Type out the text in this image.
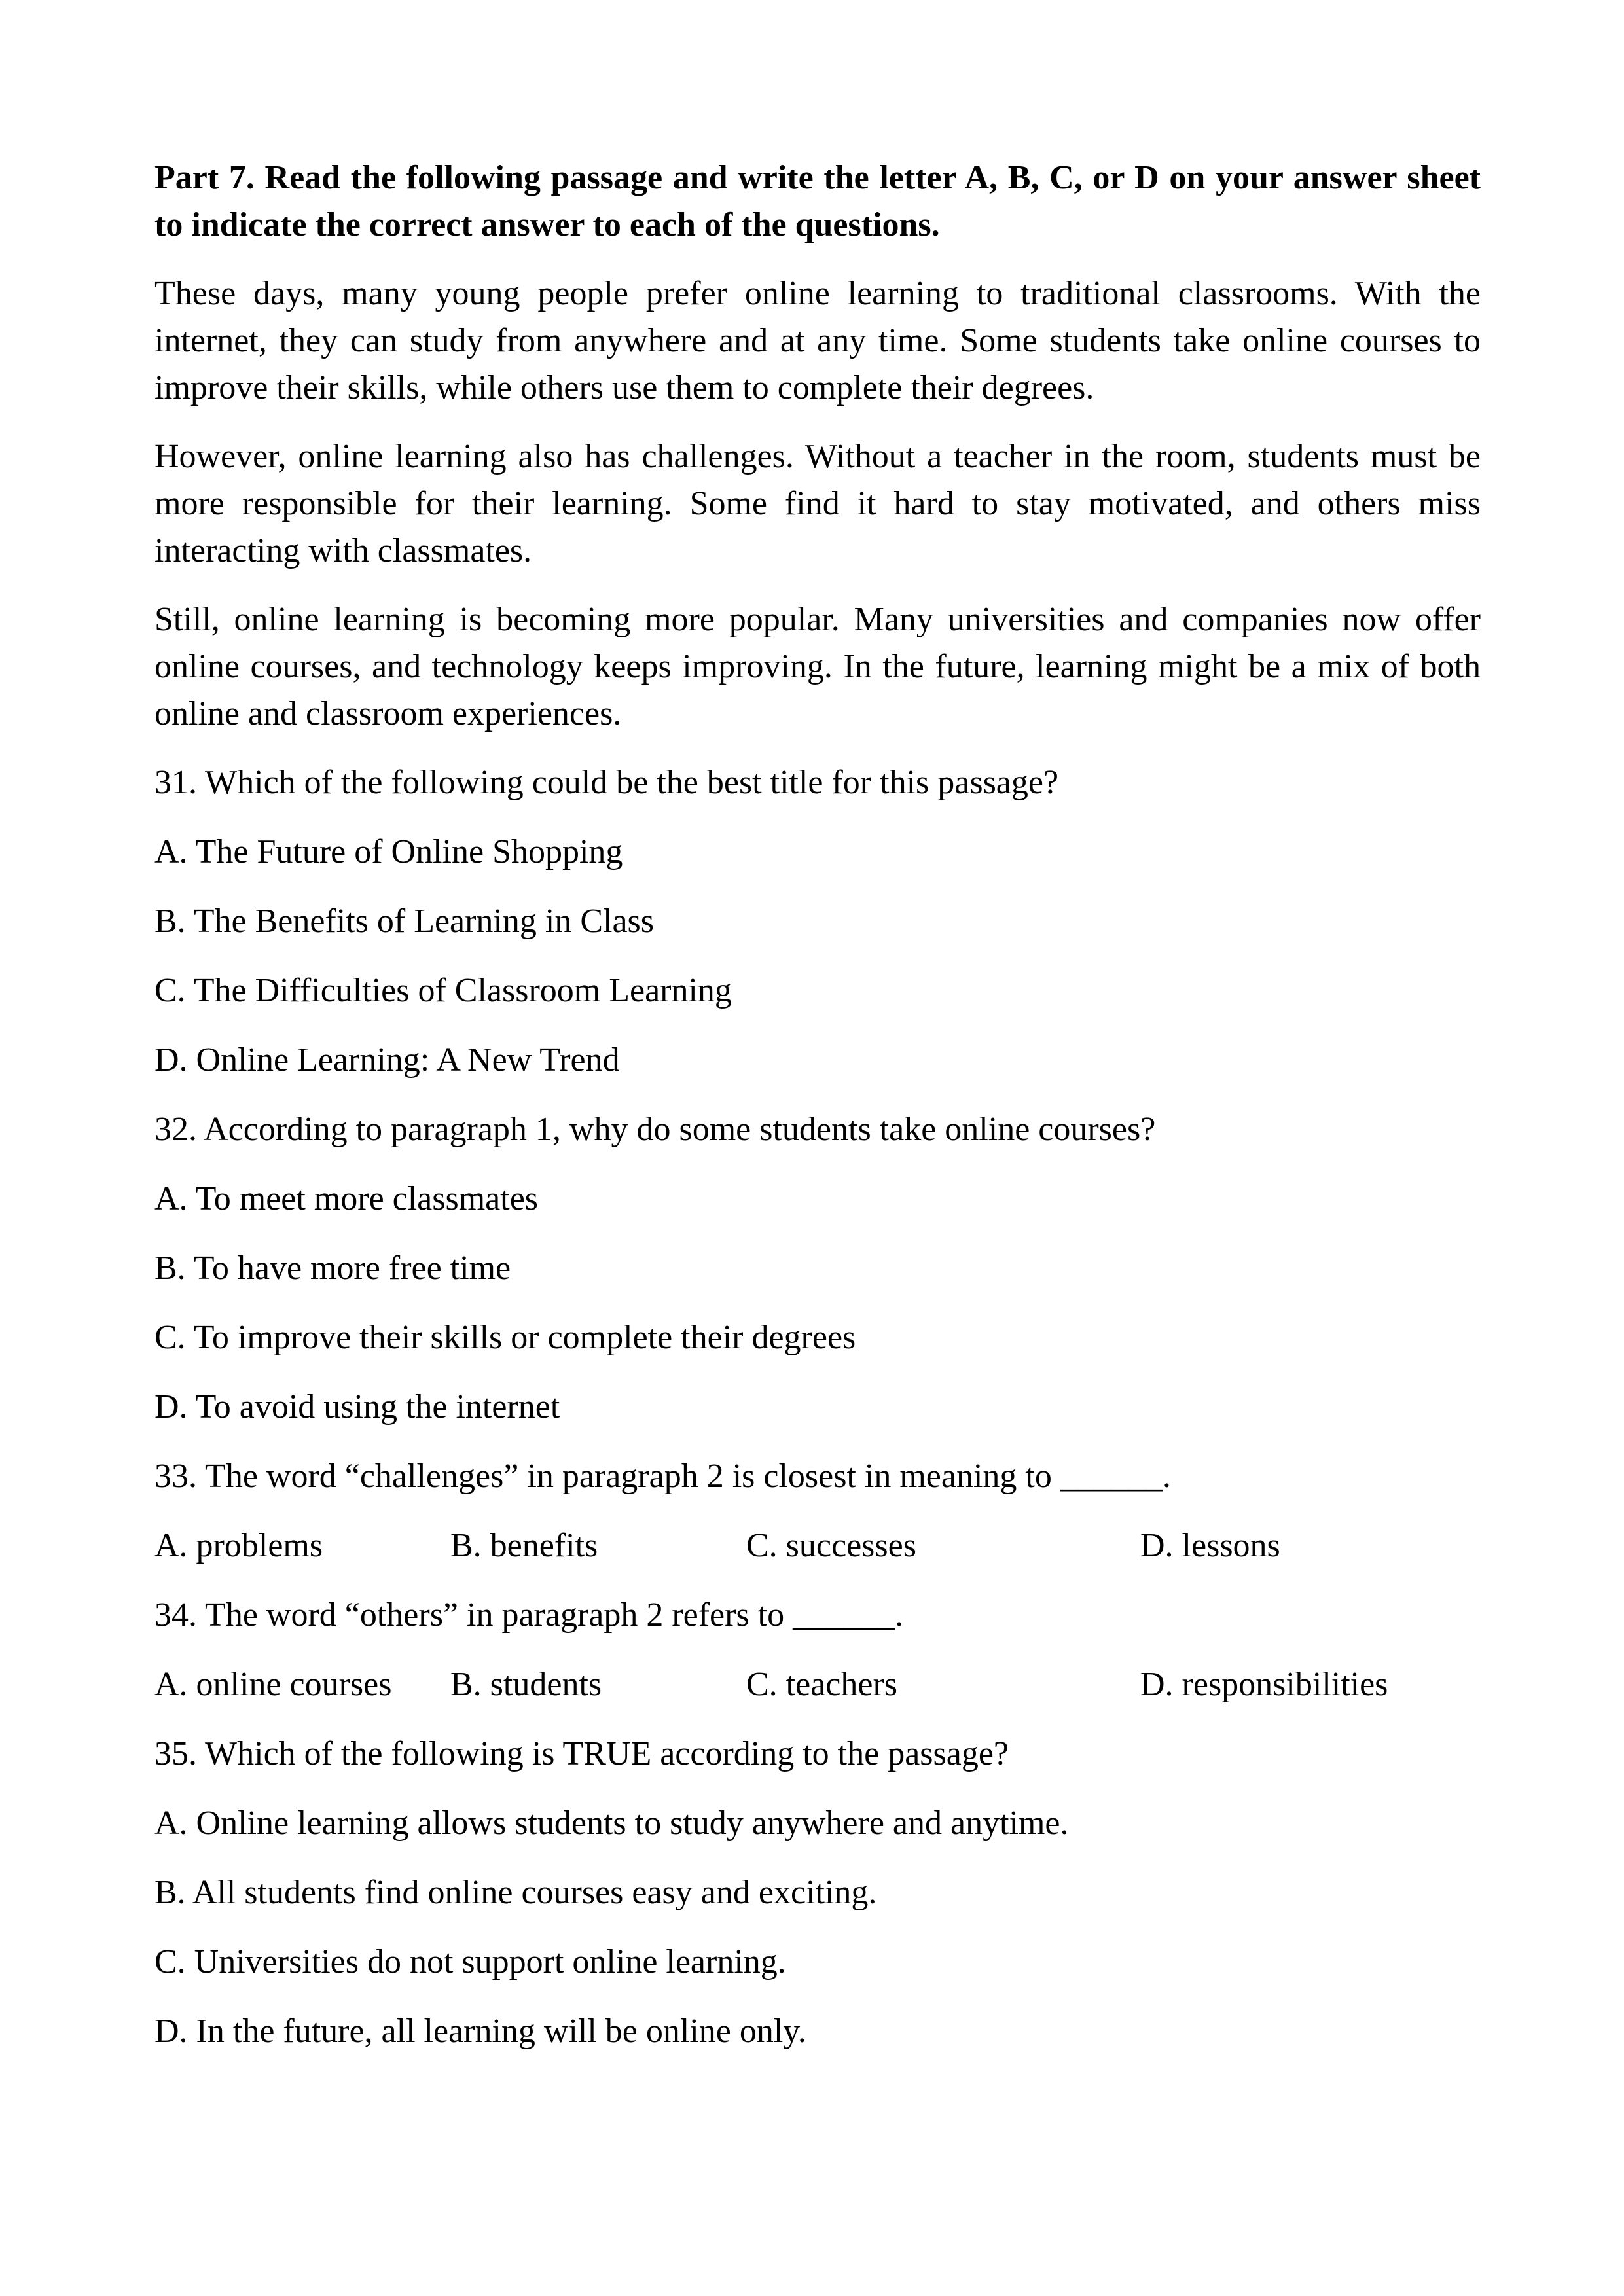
Part 7. Read the following passage and write the letter A, B, C, or D on your answer sheet to indicate the correct answer to each of the questions.

These days, many young people prefer online learning to traditional classrooms. With the internet, they can study from anywhere and at any time. Some students take online courses to improve their skills, while others use them to complete their degrees.

However, online learning also has challenges. Without a teacher in the room, students must be more responsible for their learning. Some find it hard to stay motivated, and others miss interacting with classmates.

Still, online learning is becoming more popular. Many universities and companies now offer online courses, and technology keeps improving. In the future, learning might be a mix of both online and classroom experiences.

31. Which of the following could be the best title for this passage?
A. The Future of Online Shopping
B. The Benefits of Learning in Class
C. The Difficulties of Classroom Learning
D. Online Learning: A New Trend
32. According to paragraph 1, why do some students take online courses?
A. To meet more classmates
B. To have more free time
C. To improve their skills or complete their degrees
D. To avoid using the internet
33. The word “challenges” in paragraph 2 is closest in meaning to ______.
A. problems	B. benefits	C. successes	D. lessons
34. The word “others” in paragraph 2 refers to ______.
A. online courses B. students	C. teachers	D. responsibilities
35. Which of the following is TRUE according to the passage?
A. Online learning allows students to study anywhere and anytime.
B. All students find online courses easy and exciting.
C. Universities do not support online learning.
D. In the future, all learning will be online only.
